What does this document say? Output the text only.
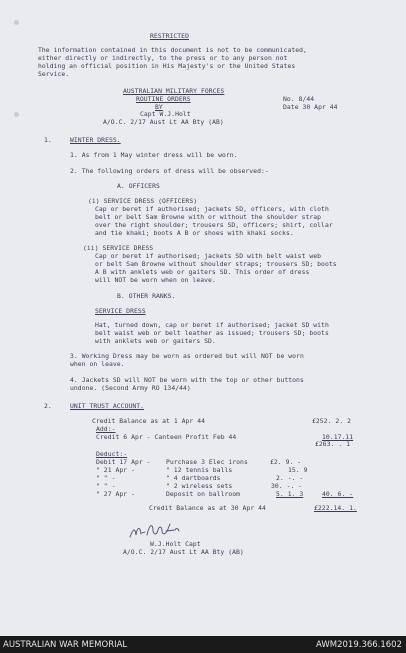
RESTRICTED
The information contained in this document is not to be communicated,
either directly or indirectly, to the press or to any person not
holding an official position in His Majesty's or the United States
Service.
AUSTRALIAN MILITARY FORCES
ROUTINE ORDERS
BY
Capt W.J.Holt
A/O.C. 2/17 Aust Lt AA Bty (AB)
No. 8/44
Date 30 Apr 44
1.	WINTER DRESS.
1. As from 1 May winter dress will be worn.
2. The following orders of dress will be observed:-
A. OFFICERS
(i) SERVICE DRESS (OFFICERS)
Cap or beret if authorised; jackets SD, officers, with cloth
belt or belt Sam Browne with or without the shoulder strap
over the right shoulder; trousers SD, officers; shirt, collar
and tie khaki; boots A B or shoes with khaki socks.
(ii) SERVICE DRESS
Cap or beret if authorised; jackets SD with belt waist web
or belt Sam Browne without shoulder straps; trousers SD; boots
A B with anklets web or gaiters SD. This order of dress
will NOT be worn when on leave.
B. OTHER RANKS.
SERVICE DRESS
Hat, turned down, cap or beret if authorised; jacket SD with
belt waist web or belt leather as issued; trousers SD; boots
with anklets web or gaiters SD.
3. Working Dress may be worn as ordered but will NOT be worn
when on leave.
4. Jackets SD will NOT be worn with the top or other buttons
undone. (Second Army RO 134/44)
2.	UNIT TRUST ACCOUNT.
Credit Balance as at 1 Apr 44	£252. 2. 2
Add:-
Credit 6 Apr - Canteen Profit Feb 44	10.17.11
£263. . 1
Deduct:-
Debit 17 Apr - Purchase 3 Elec irons	£2. 9. -
" 21 Apr -	" 12 tennis balls	15. 9
" " -	" 4 dartboards	2. -. -
" " -	" 2 wireless sets	30. -. -
" 27 Apr -	Deposit on ballroom	5. 1. 3	40. 6. -
Credit Balance as at 30 Apr 44	£222.14. 1.
W.J.Holt Capt
A/O.C. 2/17 Aust Lt AA Bty (AB)
AUSTRALIAN WAR MEMORIAL	AWM2019.366.1602
